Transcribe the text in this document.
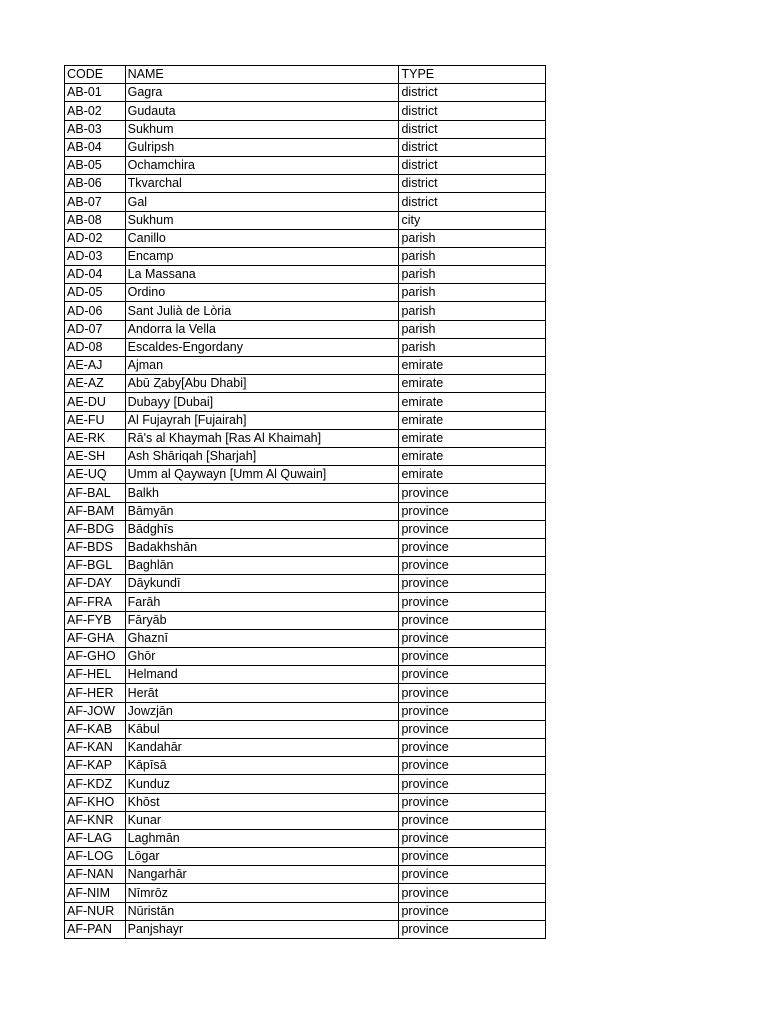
CODE	NAME	TYPE
AB-01	Gagra	district
AB-02	Gudauta	district
AB-03	Sukhum	district
AB-04	Gulripsh	district
AB-05	Ochamchira	district
AB-06	Tkvarchal	district
AB-07	Gal	district
AB-08	Sukhum	city
AD-02	Canillo	parish
AD-03	Encamp	parish
AD-04	La Massana	parish
AD-05	Ordino	parish
AD-06	Sant Julià de Lòria	parish
AD-07	Andorra la Vella	parish
AD-08	Escaldes-Engordany	parish
AE-AJ	Ajman	emirate
AE-AZ	Abū Ȥaby[Abu Dhabi]	emirate
AE-DU	Dubayy [Dubai]	emirate
AE-FU	Al Fujayrah [Fujairah]	emirate
AE-RK	Rā's al Khaymah [Ras Al Khaimah]	emirate
AE-SH	Ash Shāriqah [Sharjah]	emirate
AE-UQ	Umm al Qaywayn [Umm Al Quwain]	emirate
AF-BAL	Balkh	province
AF-BAM	Bāmyān	province
AF-BDG	Bādghīs	province
AF-BDS	Badakhshān	province
AF-BGL	Baghlān	province
AF-DAY	Dāykundī	province
AF-FRA	Farāh	province
AF-FYB	Fāryāb	province
AF-GHA	Ghaznī	province
AF-GHO	Ghōr	province
AF-HEL	Helmand	province
AF-HER	Herāt	province
AF-JOW	Jowzjān	province
AF-KAB	Kābul	province
AF-KAN	Kandahār	province
AF-KAP	Kāpīsā	province
AF-KDZ	Kunduz	province
AF-KHO	Khōst	province
AF-KNR	Kunar	province
AF-LAG	Laghmān	province
AF-LOG	Lōgar	province
AF-NAN	Nangarhār	province
AF-NIM	Nīmrōz	province
AF-NUR	Nūristān	province
AF-PAN	Panjshayr	province
